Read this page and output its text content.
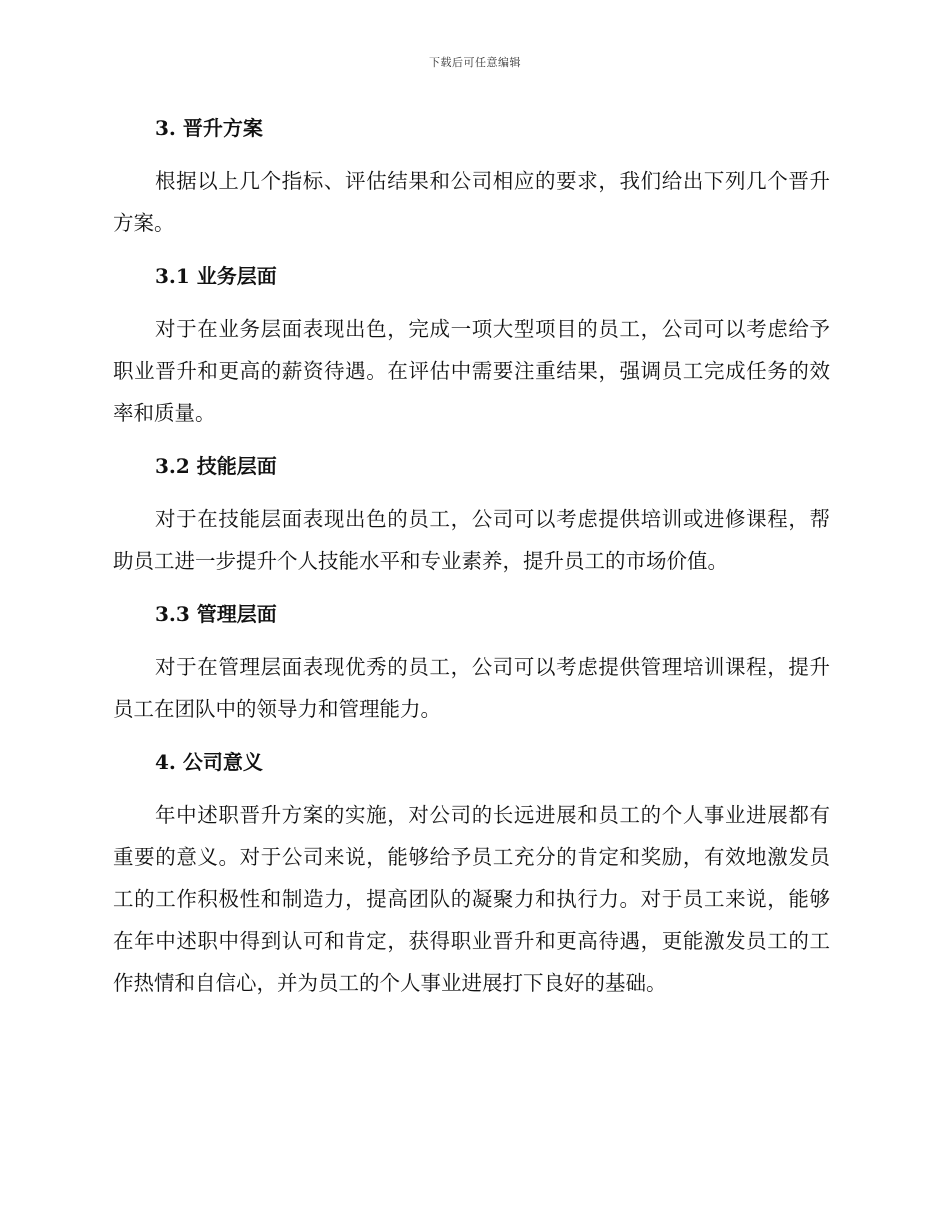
下载后可任意编辑
3. 晋升方案

根据以上几个指标、评估结果和公司相应的要求，我们给出下列几个晋升方案。

3.1 业务层面

对于在业务层面表现出色，完成一项大型项目的员工，公司可以考虑给予职业晋升和更高的薪资待遇。在评估中需要注重结果，强调员工完成任务的效率和质量。

3.2 技能层面

对于在技能层面表现出色的员工，公司可以考虑提供培训或进修课程，帮助员工进一步提升个人技能水平和专业素养，提升员工的市场价值。

3.3 管理层面

对于在管理层面表现优秀的员工，公司可以考虑提供管理培训课程，提升员工在团队中的领导力和管理能力。

4. 公司意义

年中述职晋升方案的实施，对公司的长远进展和员工的个人事业进展都有重要的意义。对于公司来说，能够给予员工充分的肯定和奖励，有效地激发员工的工作积极性和制造力，提高团队的凝聚力和执行力。对于员工来说，能够在年中述职中得到认可和肯定，获得职业晋升和更高待遇，更能激发员工的工作热情和自信心，并为员工的个人事业进展打下良好的基础。
